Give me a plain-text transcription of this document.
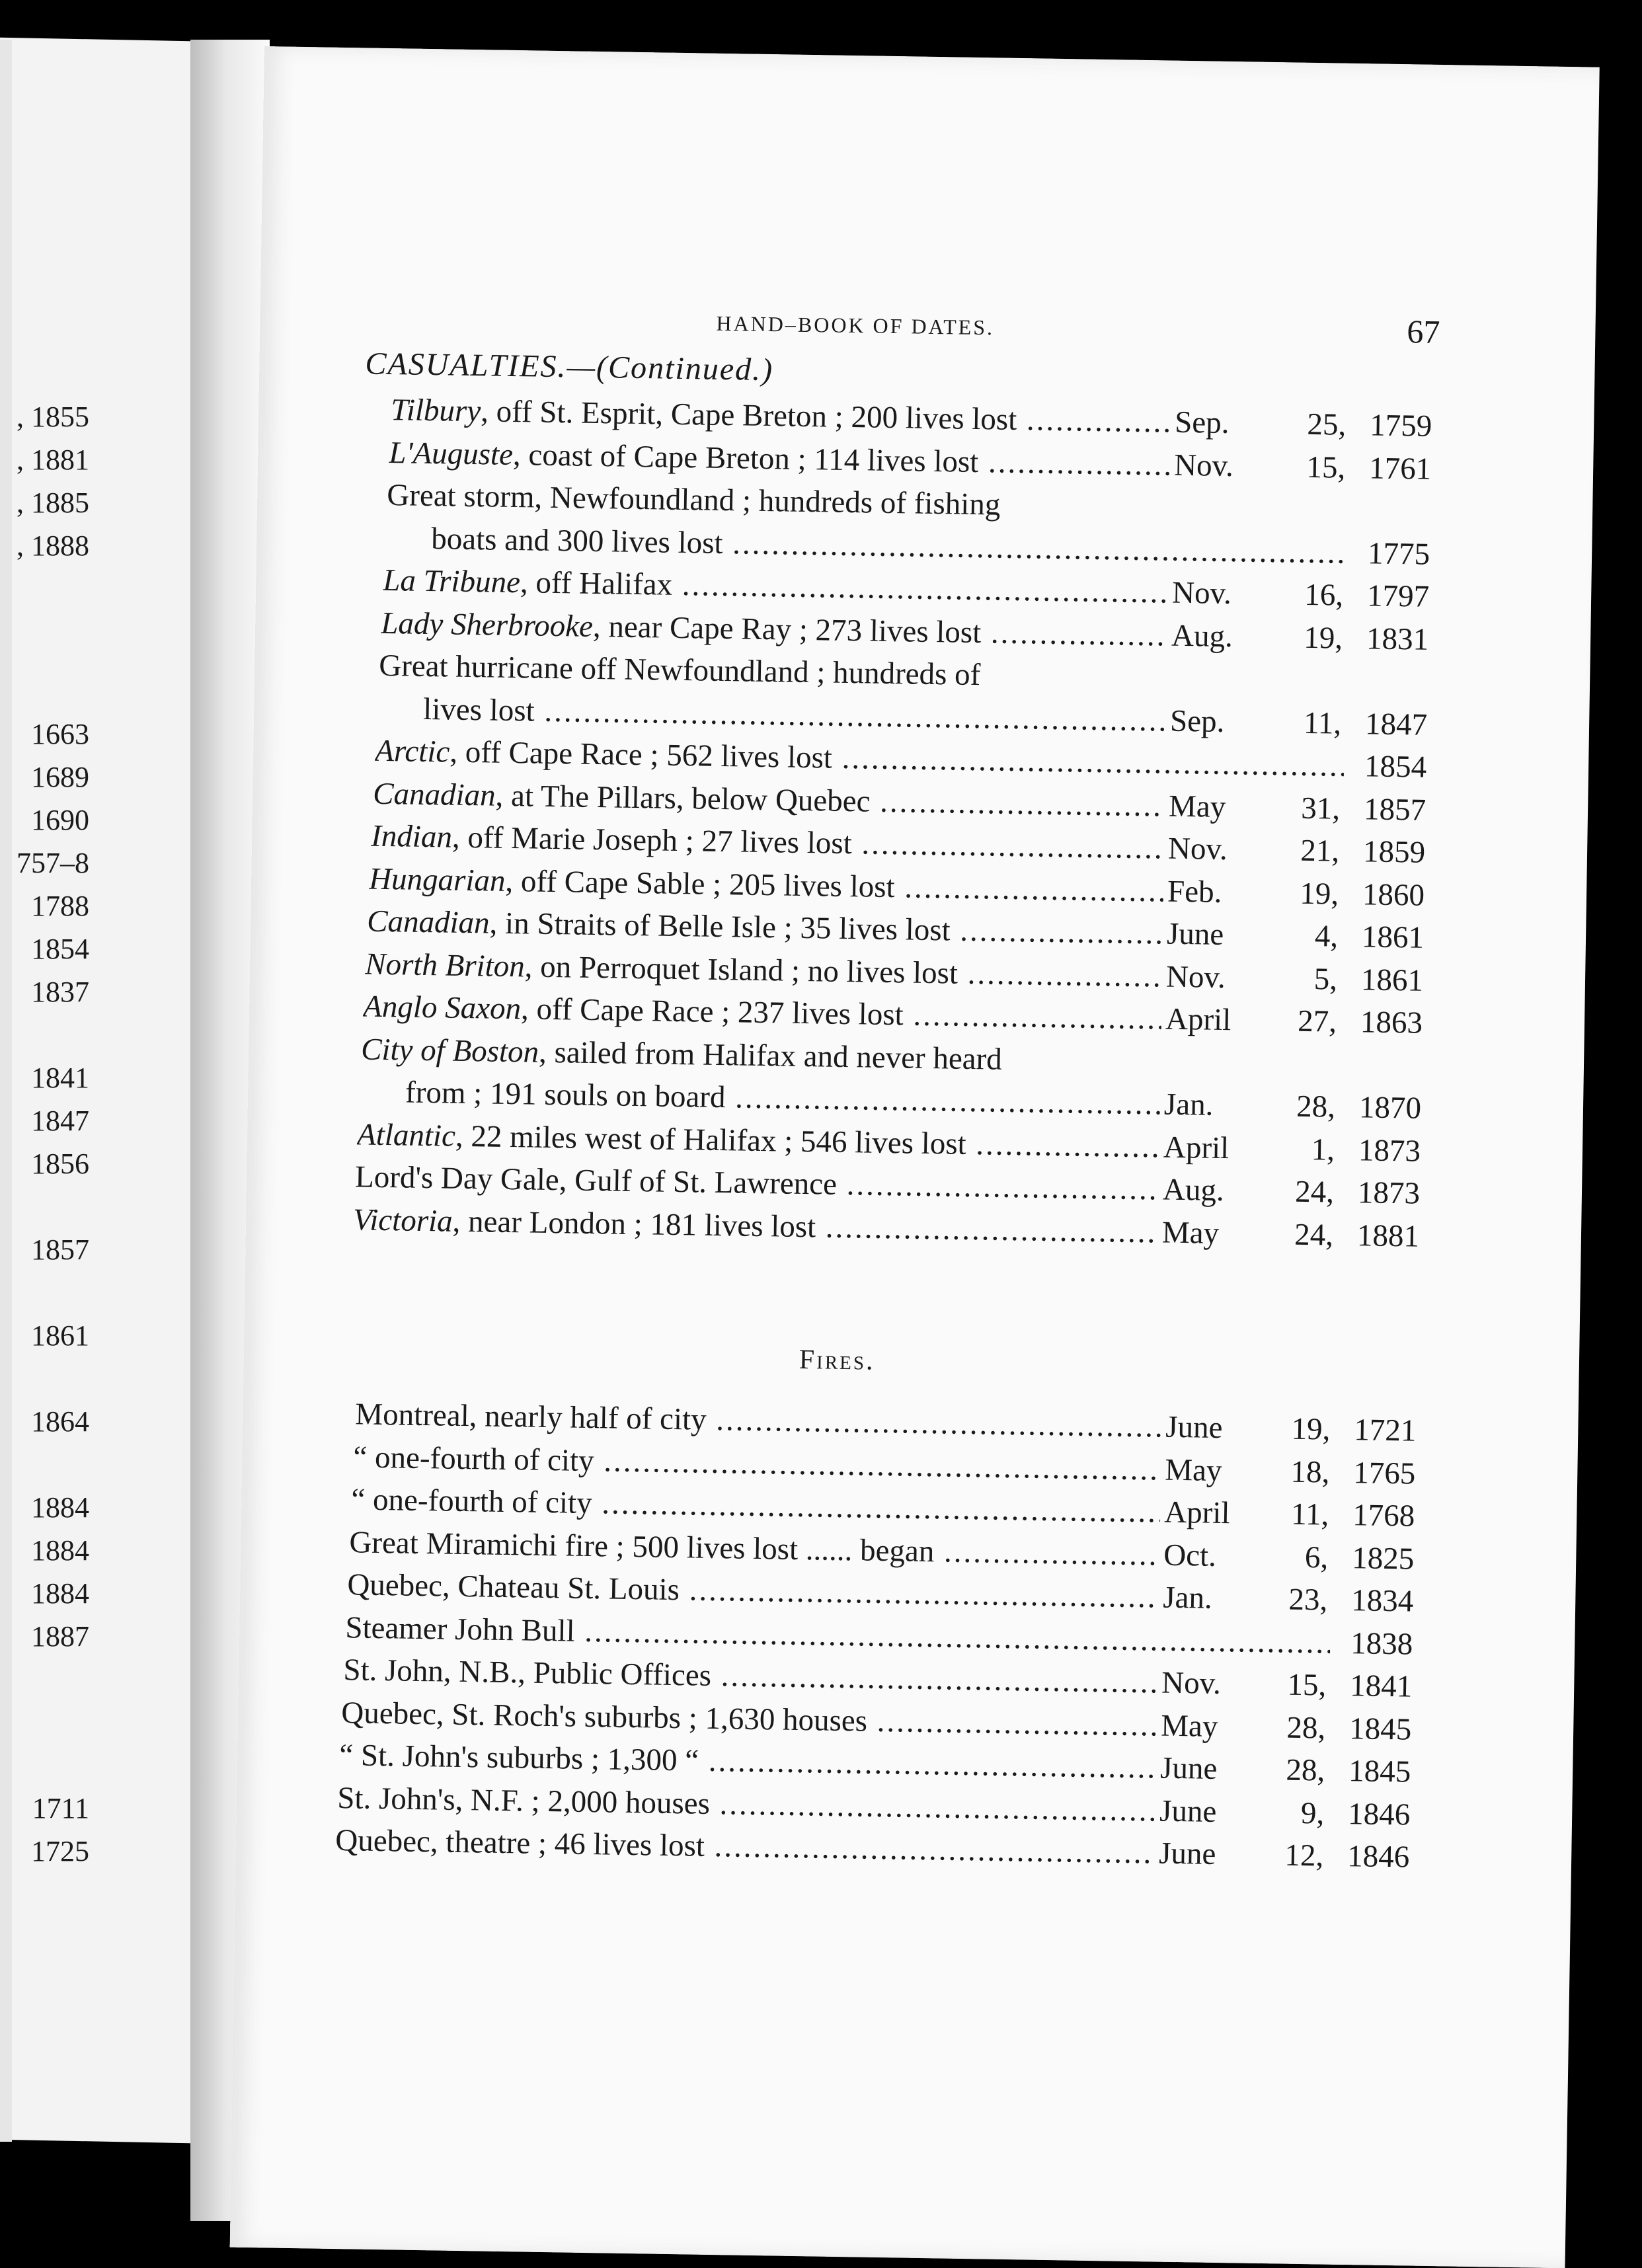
, 1855
, 1881
, 1885
, 1888
1663
1689
1690
757–8
1788
1854
1837
1841
1847
1856
1857
1861
1864
1884
1884
1884
1887
1711
1725
HAND–BOOK OF DATES.	67
CASUALTIES.—(Continued.)
Tilbury, off St. Esprit, Cape Breton ; 200 lives lost .....	Sep.	25, 1759
L'Auguste, coast of Cape Breton ; 114 lives lost .....	Nov.	15, 1761
Great storm, Newfoundland ; hundreds of fishing
boats and 300 lives lost .....	1775
La Tribune, off Halifax .....	Nov.	16, 1797
Lady Sherbrooke, near Cape Ray ; 273 lives lost .....	Aug.	19, 1831
Great hurricane off Newfoundland ; hundreds of
lives lost .....	Sep.	11, 1847
Arctic, off Cape Race ; 562 lives lost .....	1854
Canadian, at The Pillars, below Quebec .....	May	31, 1857
Indian, off Marie Joseph ; 27 lives lost .....	Nov.	21, 1859
Hungarian, off Cape Sable ; 205 lives lost .....	Feb.	19, 1860
Canadian, in Straits of Belle Isle ; 35 lives lost .....	June	4, 1861
North Briton, on Perroquet Island ; no lives lost .....	Nov.	5, 1861
Anglo Saxon, off Cape Race ; 237 lives lost .....	April	27, 1863
City of Boston, sailed from Halifax and never heard
from ; 191 souls on board .....	Jan.	28, 1870
Atlantic, 22 miles west of Halifax ; 546 lives lost .....	April	1, 1873
Lord's Day Gale, Gulf of St. Lawrence .....	Aug.	24, 1873
Victoria, near London ; 181 lives lost .....	May	24, 1881
Fires.
Montreal, nearly half of city .....	June	19, 1721
“ one-fourth of city .....	May	18, 1765
“ one-fourth of city .....	April	11, 1768
Great Miramichi fire ; 500 lives lost ...... began .....	Oct.	6, 1825
Quebec, Chateau St. Louis .....	Jan.	23, 1834
Steamer John Bull .....	1838
St. John, N.B., Public Offices .....	Nov.	15, 1841
Quebec, St. Roch's suburbs ; 1,630 houses .....	May	28, 1845
“ St. John's suburbs ; 1,300 “ .....	June	28, 1845
St. John's, N.F. ; 2,000 houses .....	June	9, 1846
Quebec, theatre ; 46 lives lost .....	June	12, 1846
